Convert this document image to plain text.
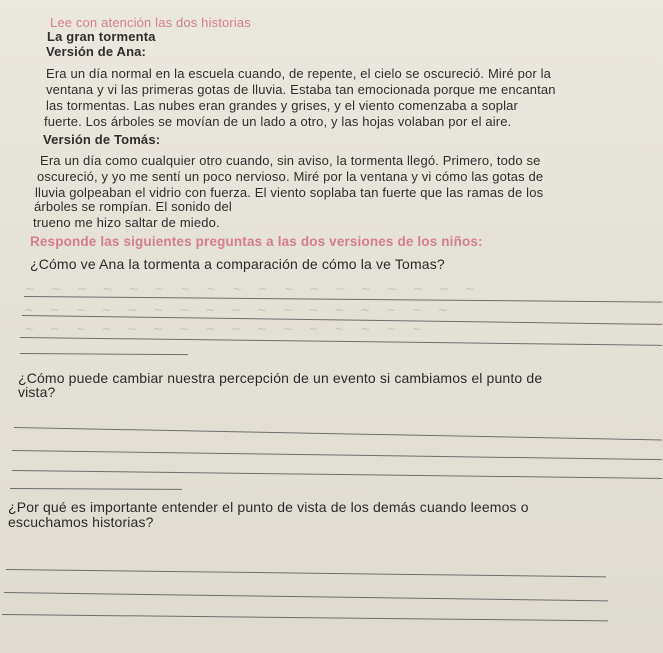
Lee con atención las dos historias
La gran tormenta
Versión de Ana:
Era un día normal en la escuela cuando, de repente, el cielo se oscureció. Miré por la
ventana y vi las primeras gotas de lluvia. Estaba tan emocionada porque me encantan
las tormentas. Las nubes eran grandes y grises, y el viento comenzaba a soplar
fuerte. Los árboles se movían de un lado a otro, y las hojas volaban por el aire.
Versión de Tomás:
Era un día como cualquier otro cuando, sin aviso, la tormenta llegó. Primero, todo se
oscureció, y yo me sentí un poco nervioso. Miré por la ventana y vi cómo las gotas de
lluvia golpeaban el vidrio con fuerza. El viento soplaba tan fuerte que las ramas de los
árboles se rompían. El sonido del
trueno me hizo saltar de miedo.
Responde las siguientes preguntas a las dos versiones de los niños:
¿Cómo ve Ana la tormenta a comparación de cómo la ve Tomas?
~ ~ ~ ~ ~ ~ ~ ~ ~ ~ ~ ~ ~ ~ ~ ~ ~ ~
~ ~ ~ ~ ~ ~ ~ ~ ~ ~ ~ ~ ~ ~ ~ ~ ~
~ ~ ~ ~ ~ ~ ~ ~ ~ ~ ~ ~ ~ ~ ~ ~
¿Cómo puede cambiar nuestra percepción de un evento si cambiamos el punto de
vista?
¿Por qué es importante entender el punto de vista de los demás cuando leemos o
escuchamos historias?
